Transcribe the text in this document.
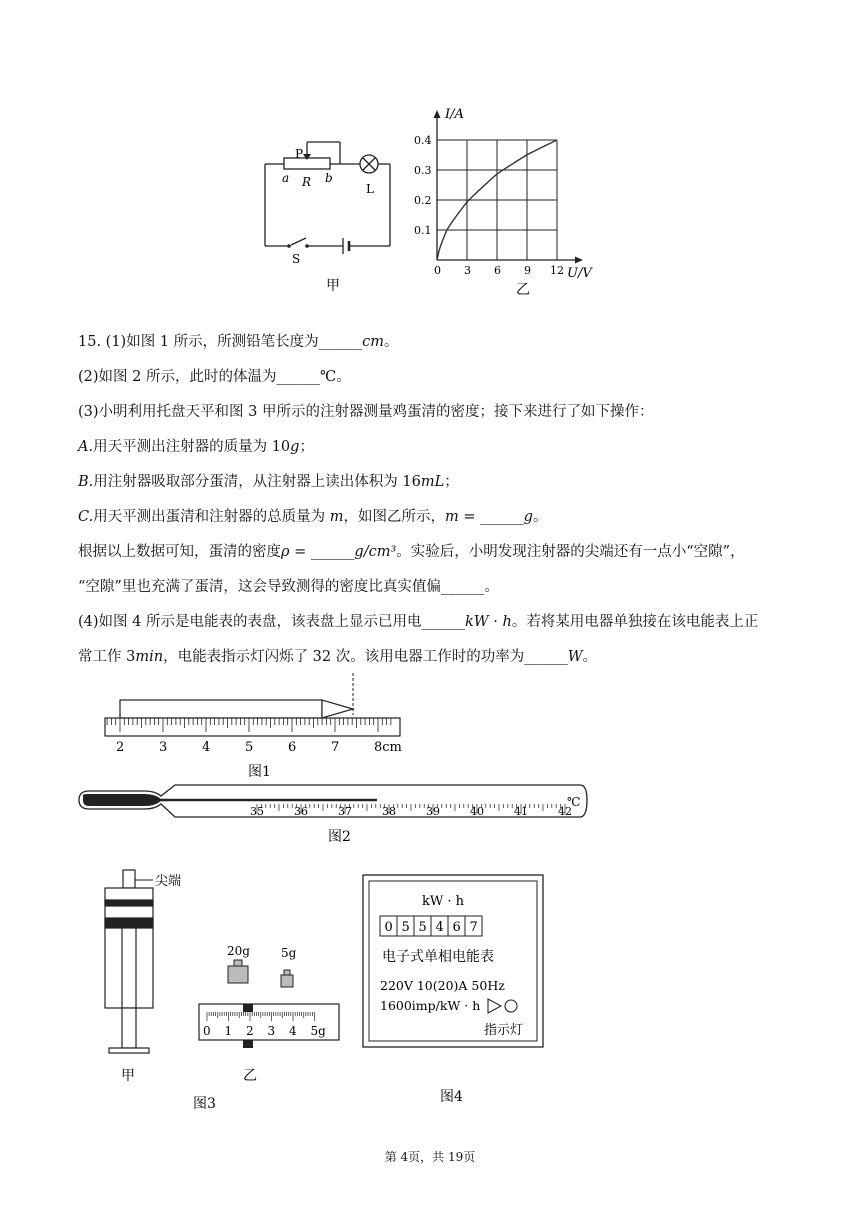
P
a R b
L
S
甲
I/A
U/V
乙
0 3 6 9 12
0.1
0.2
0.3
0.4
15. (1)如图 1 所示，所测铅笔长度为______cm。
(2)如图 2 所示，此时的体温为______℃。
(3)小明利用托盘天平和图 3 甲所示的注射器测量鸡蛋清的密度；接下来进行了如下操作：
A.用天平测出注射器的质量为 10g；
B.用注射器吸取部分蛋清，从注射器上读出体积为 16mL；
C.用天平测出蛋清和注射器的总质量为 m，如图乙所示，m = ______g。
根据以上数据可知，蛋清的密度ρ = ______g/cm³。实验后，小明发现注射器的尖端还有一点小“空隙”，
“空隙”里也充满了蛋清，这会导致测得的密度比真实值偏______。
(4)如图 4 所示是电能表的表盘，该表盘上显示已用电______kW · h。若将某用电器单独接在该电能表上正
常工作 3min，电能表指示灯闪烁了 32 次。该用电器工作时的功率为______W。
2	3	4	5	6	7	8cm
图1
35	36	37	38	39	40	41	42
℃
图2
尖端
甲
20g	5g
0 1 2 3 4 5g
乙
图3
kW · h
0 5 5 4 6 7
电子式单相电能表
220V 10(20)A 50Hz
1600imp/kW · h
指示灯
图4
第 4页，共 19页
